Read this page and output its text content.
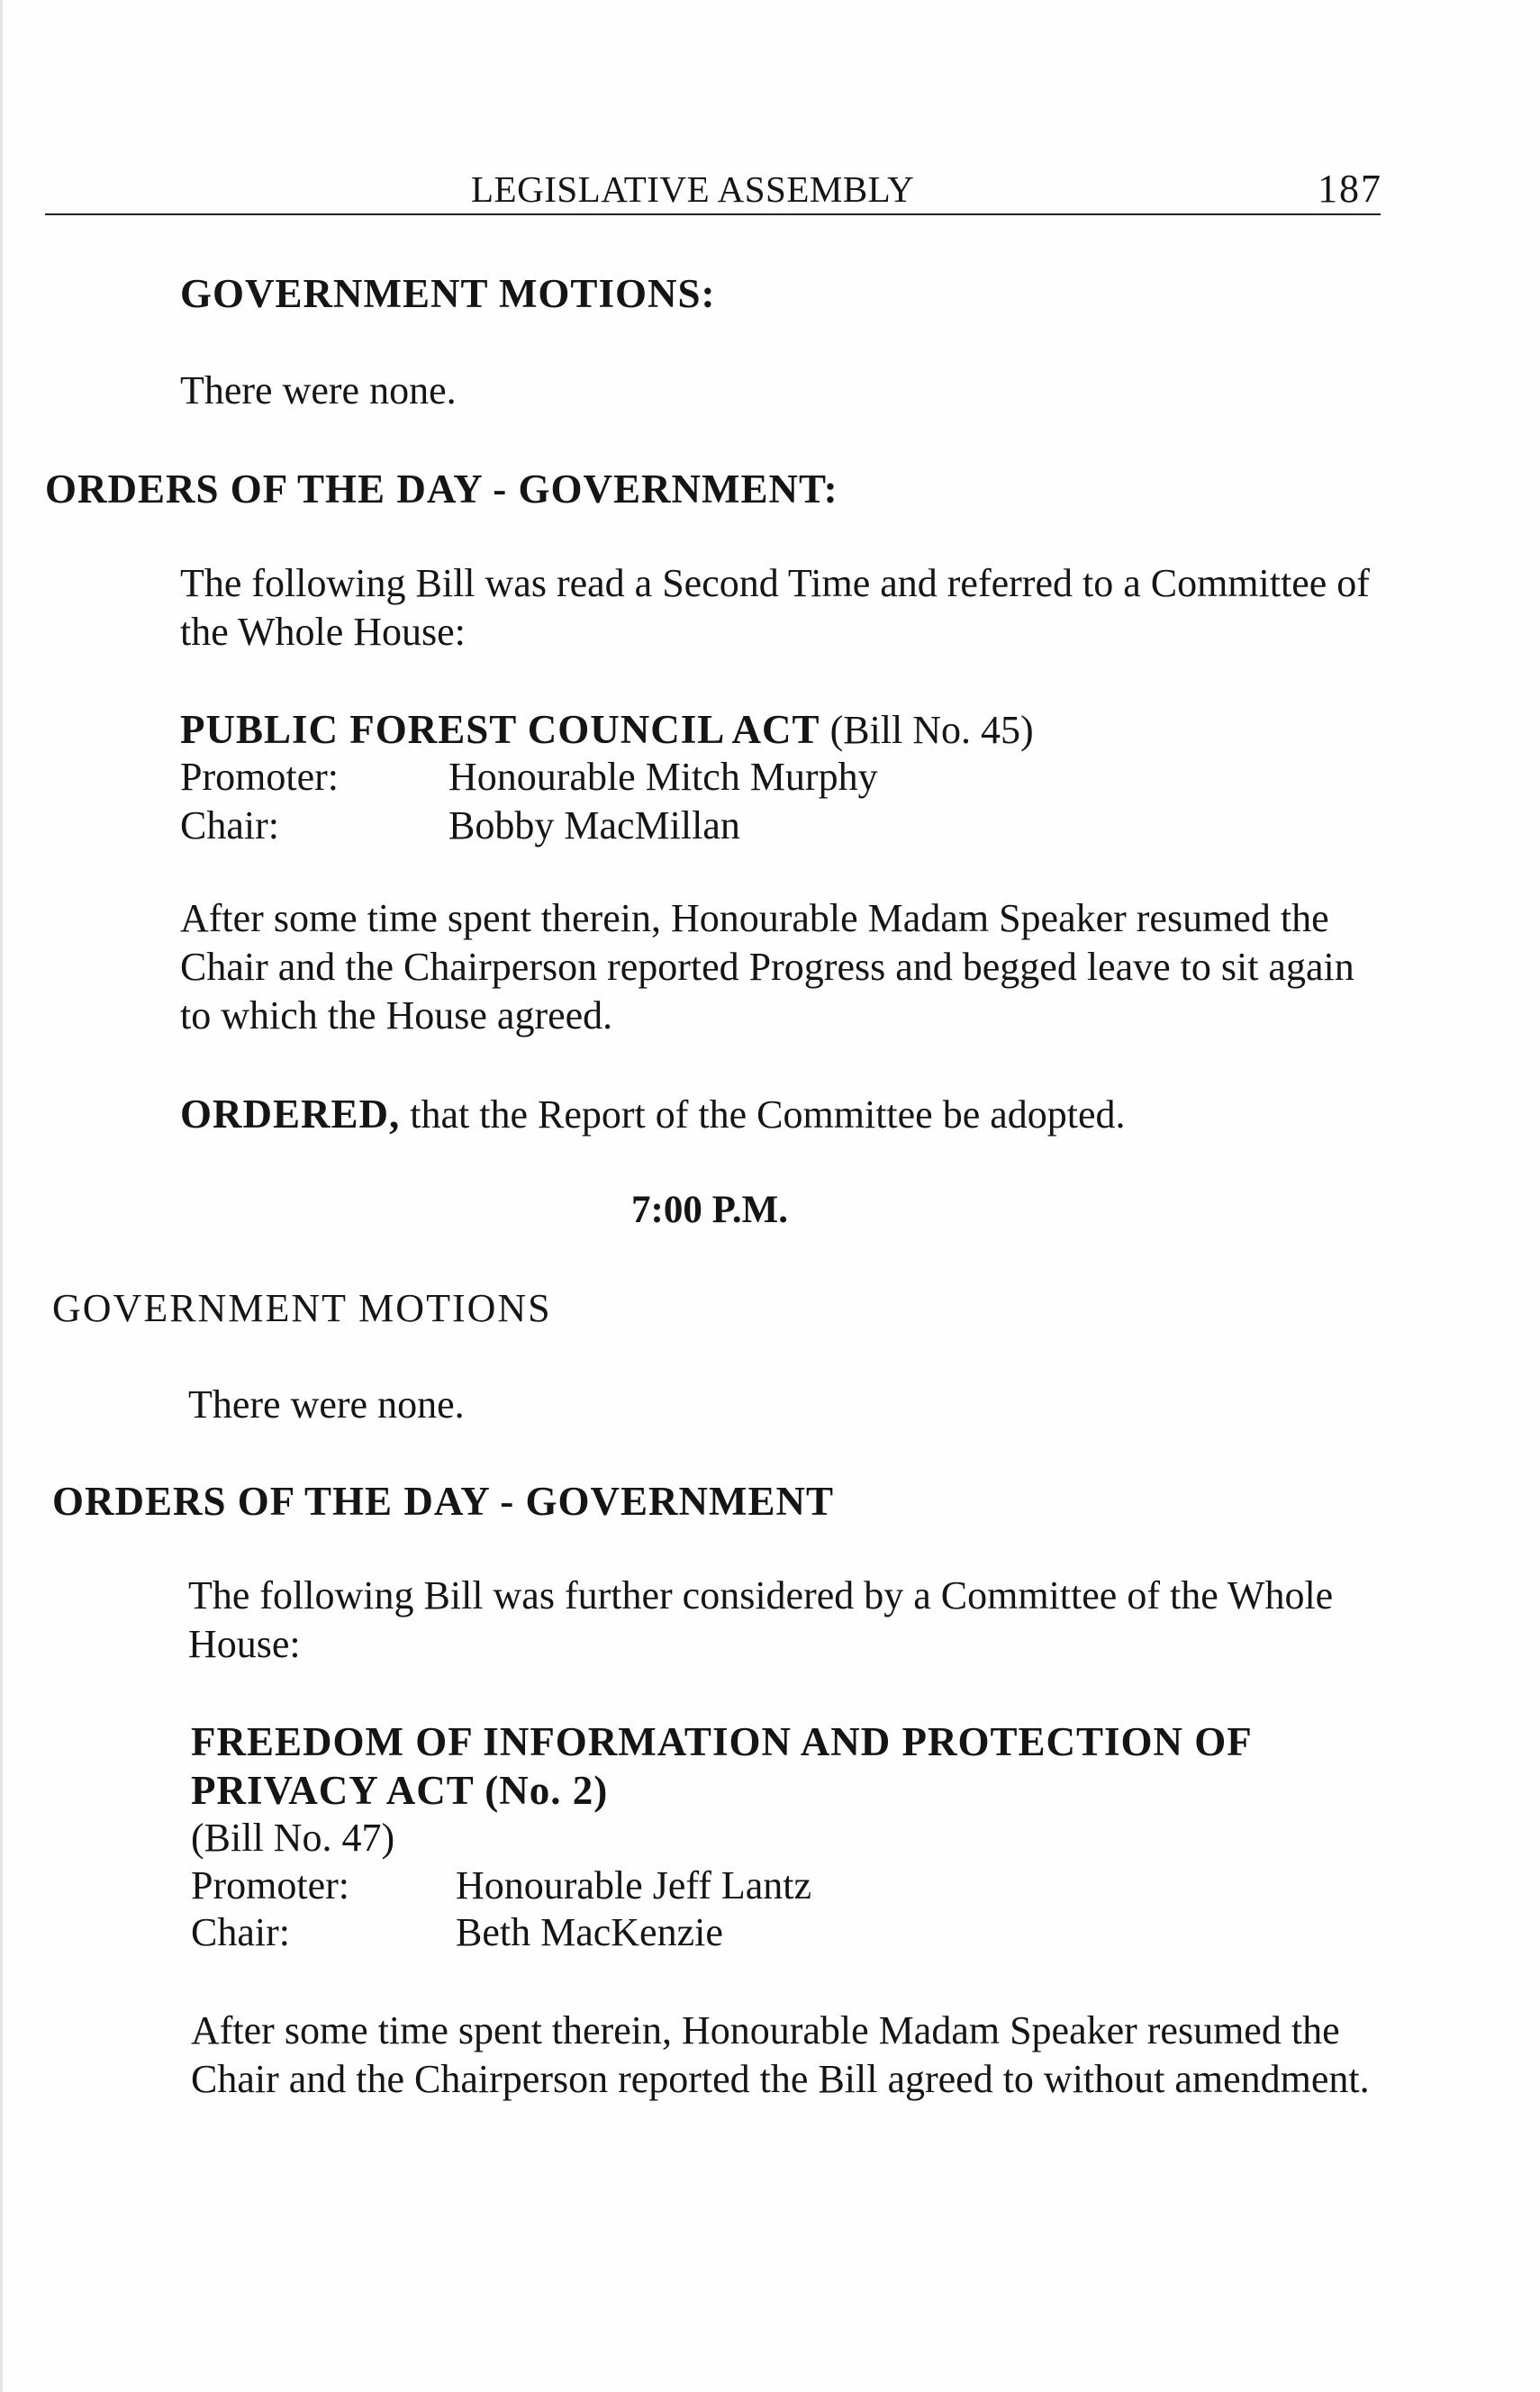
LEGISLATIVE ASSEMBLY	187
GOVERNMENT MOTIONS:
There were none.
ORDERS OF THE DAY - GOVERNMENT:
The following Bill was read a Second Time and referred to a Committee of
the Whole House:
PUBLIC FOREST COUNCIL ACT (Bill No. 45)
Promoter:	Honourable Mitch Murphy
Chair:	Bobby MacMillan
After some time spent therein, Honourable Madam Speaker resumed the
Chair and the Chairperson reported Progress and begged leave to sit again
to which the House agreed.
ORDERED, that the Report of the Committee be adopted.
7:00 P.M.
GOVERNMENT MOTIONS
There were none.
ORDERS OF THE DAY - GOVERNMENT
The following Bill was further considered by a Committee of the Whole
House:
FREEDOM OF INFORMATION AND PROTECTION OF
PRIVACY ACT (No. 2)
(Bill No. 47)
Promoter:	Honourable Jeff Lantz
Chair:	Beth MacKenzie
After some time spent therein, Honourable Madam Speaker resumed the
Chair and the Chairperson reported the Bill agreed to without amendment.
